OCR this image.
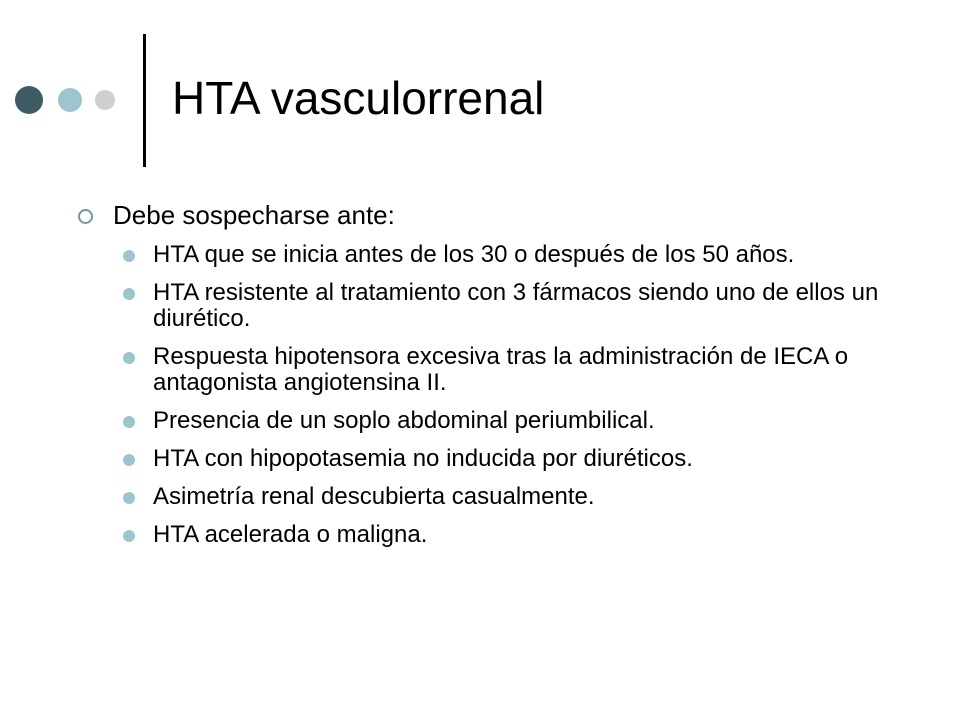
HTA vasculorrenal
Debe sospecharse ante:
HTA que se inicia antes de los 30 o después de los 50 años.
HTA resistente al tratamiento con 3 fármacos siendo uno de ellos un diurético.
Respuesta hipotensora excesiva tras la administración de IECA o antagonista angiotensina II.
Presencia de un soplo abdominal periumbilical.
HTA con hipopotasemia no inducida por diuréticos.
Asimetría renal descubierta casualmente.
HTA acelerada o maligna.
